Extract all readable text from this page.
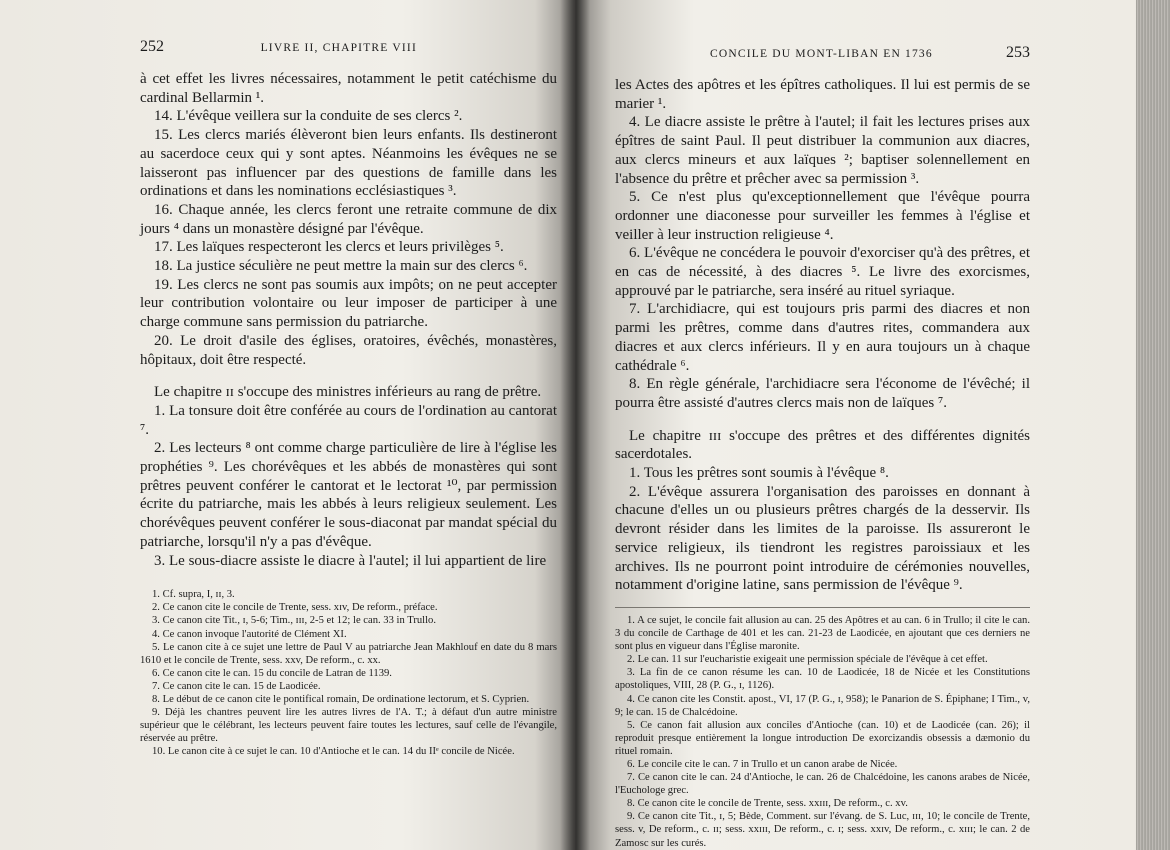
252	LIVRE II, CHAPITRE VIII

à cet effet les livres nécessaires, notamment le petit catéchisme du cardinal Bellarmin ¹.

14. L'évêque veillera sur la conduite de ses clercs ².

15. Les clercs mariés élèveront bien leurs enfants. Ils destineront au sacerdoce ceux qui y sont aptes. Néanmoins les évêques ne se laisseront pas influencer par des questions de famille dans les ordinations et dans les nominations ecclésiastiques ³.

16. Chaque année, les clercs feront une retraite commune de dix jours ⁴ dans un monastère désigné par l'évêque.

17. Les laïques respecteront les clercs et leurs privilèges ⁵.

18. La justice séculière ne peut mettre la main sur des clercs ⁶.

19. Les clercs ne sont pas soumis aux impôts; on ne peut accepter leur contribution volontaire ou leur imposer de participer à une charge commune sans permission du patriarche.

20. Le droit d'asile des églises, oratoires, évêchés, monastères, hôpitaux, doit être respecté.

Le chapitre ɪɪ s'occupe des ministres inférieurs au rang de prêtre.

1. La tonsure doit être conférée au cours de l'ordination au cantorat ⁷.

2. Les lecteurs ⁸ ont comme charge particulière de lire à l'église les prophéties ⁹. Les chorévêques et les abbés de monastères qui sont prêtres peuvent conférer le cantorat et le lectorat ¹⁰, par permission écrite du patriarche, mais les abbés à leurs religieux seulement. Les chorévêques peuvent conférer le sous-diaconat par mandat spécial du patriarche, lorsqu'il n'y a pas d'évêque.

3. Le sous-diacre assiste le diacre à l'autel; il lui appartient de lire

1. Cf. supra, I, ɪɪ, 3.

2. Ce canon cite le concile de Trente, sess. xɪv, De reform., préface.

3. Ce canon cite Tit., ɪ, 5-6; Tim., ɪɪɪ, 2-5 et 12; le can. 33 in Trullo.

4. Ce canon invoque l'autorité de Clément XI.

5. Le canon cite à ce sujet une lettre de Paul V au patriarche Jean Makhlouf en date du 8 mars 1610 et le concile de Trente, sess. xxv, De reform., c. xx.

6. Ce canon cite le can. 15 du concile de Latran de 1139.

7. Ce canon cite le can. 15 de Laodicée.

8. Le début de ce canon cite le pontifical romain, De ordinatione lectorum, et S. Cyprien.

9. Déjà les chantres peuvent lire les autres livres de l'A. T.; à défaut d'un autre ministre supérieur que le célébrant, les lecteurs peuvent faire toutes les lectures, sauf celle de l'évangile, réservée au prêtre.

10. Le canon cite à ce sujet le can. 10 d'Antioche et le can. 14 du IIᵉ concile de Nicée.

CONCILE DU MONT-LIBAN EN 1736	253

les Actes des apôtres et les épîtres catholiques. Il lui est permis de se marier ¹.

4. Le diacre assiste le prêtre à l'autel; il fait les lectures prises aux épîtres de saint Paul. Il peut distribuer la communion aux diacres, aux clercs mineurs et aux laïques ²; baptiser solennellement en l'absence du prêtre et prêcher avec sa permission ³.

5. Ce n'est plus qu'exceptionnellement que l'évêque pourra ordonner une diaconesse pour surveiller les femmes à l'église et veiller à leur instruction religieuse ⁴.

6. L'évêque ne concédera le pouvoir d'exorciser qu'à des prêtres, et en cas de nécessité, à des diacres ⁵. Le livre des exorcismes, approuvé par le patriarche, sera inséré au rituel syriaque.

7. L'archidiacre, qui est toujours pris parmi des diacres et non parmi les prêtres, comme dans d'autres rites, commandera aux diacres et aux clercs inférieurs. Il y en aura toujours un à chaque cathédrale ⁶.

8. En règle générale, l'archidiacre sera l'économe de l'évêché; il pourra être assisté d'autres clercs mais non de laïques ⁷.

Le chapitre ɪɪɪ s'occupe des prêtres et des différentes dignités sacerdotales.

1. Tous les prêtres sont soumis à l'évêque ⁸.

2. L'évêque assurera l'organisation des paroisses en donnant à chacune d'elles un ou plusieurs prêtres chargés de la desservir. Ils devront résider dans les limites de la paroisse. Ils assureront le service religieux, ils tiendront les registres paroissiaux et les archives. Ils ne pourront point introduire de cérémonies nouvelles, notamment d'origine latine, sans permission de l'évêque ⁹.

1. A ce sujet, le concile fait allusion au can. 25 des Apôtres et au can. 6 in Trullo; il cite le can. 3 du concile de Carthage de 401 et les can. 21-23 de Laodicée, en ajoutant que ces derniers ne sont plus en vigueur dans l'Église maronite.

2. Le can. 11 sur l'eucharistie exigeait une permission spéciale de l'évêque à cet effet.

3. La fin de ce canon résume les can. 10 de Laodicée, 18 de Nicée et les Constitutions apostoliques, VIII, 28 (P. G., ɪ, 1126).

4. Ce canon cite les Constit. apost., VI, 17 (P. G., ɪ, 958); le Panarion de S. Épiphane; I Tim., v, 9; le can. 15 de Chalcédoine.

5. Ce canon fait allusion aux conciles d'Antioche (can. 10) et de Laodicée (can. 26); il reproduit presque entièrement la longue introduction De exorcizandis obsessis a dæmonio du rituel romain.

6. Le concile cite le can. 7 in Trullo et un canon arabe de Nicée.

7. Ce canon cite le can. 24 d'Antioche, le can. 26 de Chalcédoine, les canons arabes de Nicée, l'Euchologe grec.

8. Ce canon cite le concile de Trente, sess. xxɪɪɪ, De reform., c. xv.

9. Ce canon cite Tit., ɪ, 5; Bède, Comment. sur l'évang. de S. Luc, ɪɪɪ, 10; le concile de Trente, sess. v, De reform., c. ɪɪ; sess. xxɪɪɪ, De reform., c. ɪ; sess. xxɪv, De reform., c. xɪɪɪ; le can. 2 de Zamosc sur les curés.
